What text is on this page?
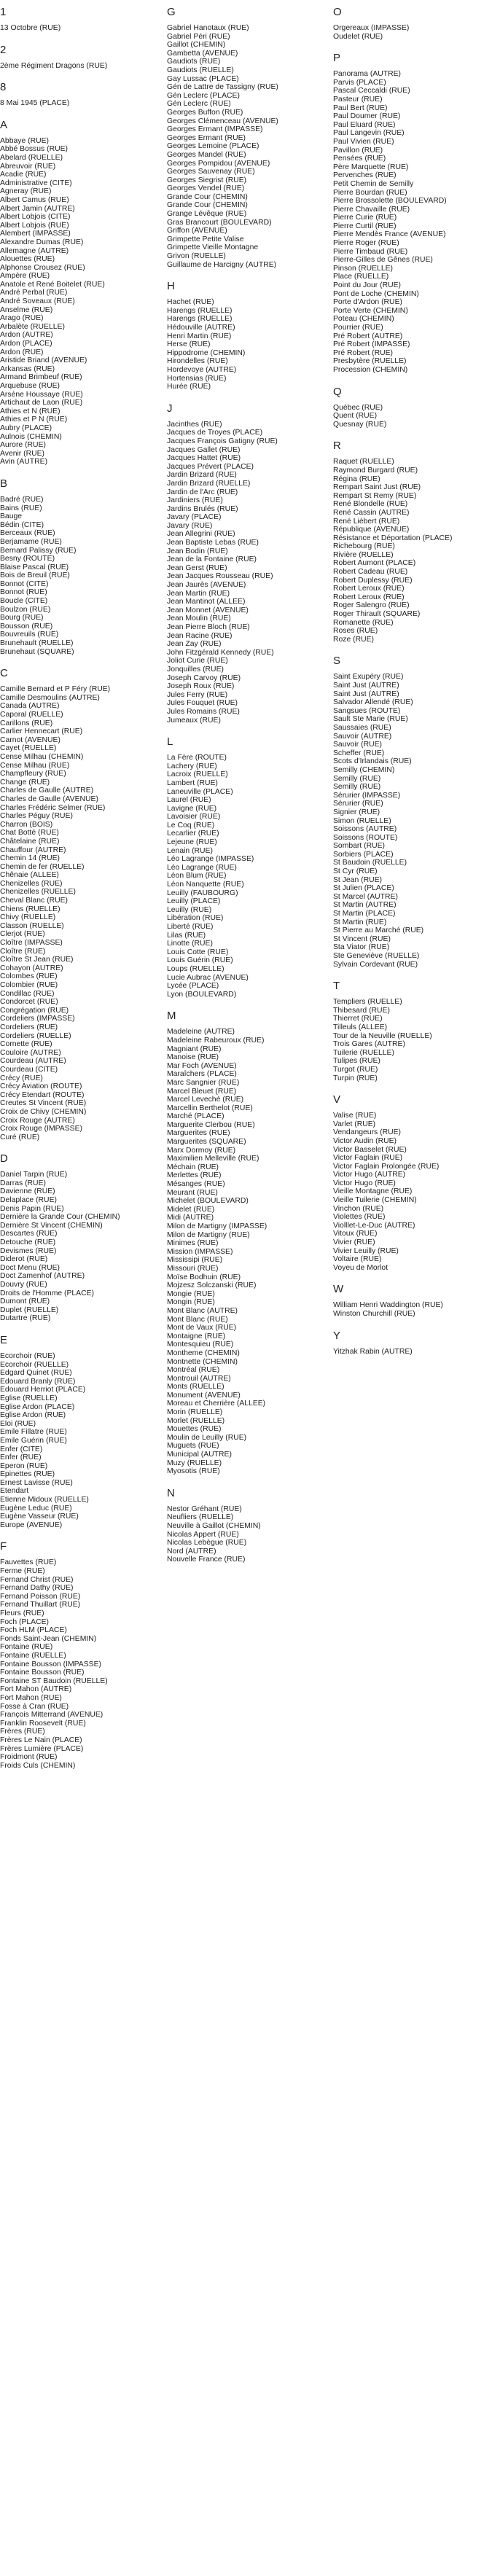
1
13 Octobre (RUE)
2
2ème Régiment Dragons (RUE)
8
8 Mai 1945 (PLACE)
A
Abbaye (RUE)
Abbé Bossus (RUE)
Abelard (RUELLE)
Abreuvoir (RUE)
Acadie (RUE)
Administrative (CITE)
Agneray (RUE)
Albert Camus (RUE)
Albert Jamin (AUTRE)
Albert Lobjois (CITE)
Albert Lobjois (RUE)
Alembert (IMPASSE)
Alexandre Dumas (RUE)
Allemagne (AUTRE)
Alouettes (RUE)
Alphonse Crousez (RUE)
Ampère (RUE)
Anatole et René Boitelet (RUE)
André Perbal (RUE)
André Soveaux (RUE)
Anselme (RUE)
Arago (RUE)
Arbalète (RUELLE)
Ardon (AUTRE)
Ardon (PLACE)
Ardon (RUE)
Aristide Briand (AVENUE)
Arkansas (RUE)
Armand Brimbeuf (RUE)
Arquebuse (RUE)
Arsène Houssaye (RUE)
Artichaut de Laon (RUE)
Athies et N (RUE)
Athies et P N (RUE)
Aubry (PLACE)
Aulnois (CHEMIN)
Aurore (RUE)
Avenir (RUE)
Avin (AUTRE)
B
Badré (RUE)
Bains (RUE)
Bauge
Bédin (CITE)
Berceaux (RUE)
Berjamame (RUE)
Bernard Palissy (RUE)
Besny (ROUTE)
Blaise Pascal (RUE)
Bois de Breuil (RUE)
Bonnot (CITE)
Bonnot (RUE)
Boucle (CITE)
Boulzon (RUE)
Bourg (RUE)
Bousson (RUE)
Bouvreuils (RUE)
Brunehault (RUELLE)
Brunehaut (SQUARE)
C
Camille Bernard et P Féry (RUE)
Camille Desmoulins (AUTRE)
Canada (AUTRE)
Caporal (RUELLE)
Carillons (RUE)
Carlier Hennecart (RUE)
Carnot (AVENUE)
Cayet (RUELLE)
Cense Milhau (CHEMIN)
Cense Milhau (RUE)
Champfleury (RUE)
Change (RUE)
Charles de Gaulle (AUTRE)
Charles de Gaulle (AVENUE)
Charles Frédéric Selmer (RUE)
Charles Péguy (RUE)
Charron (BOIS)
Chat Botté (RUE)
Châtelaine (RUE)
Chauffour (AUTRE)
Chemin 14 (RUE)
Chemin de fer (RUELLE)
Chênaie (ALLEE)
Chenizelles (RUE)
Chenizelles (RUELLE)
Cheval Blanc (RUE)
Chiens (RUELLE)
Chivy (RUELLE)
Classon (RUELLE)
Clerjot (RUE)
Cloître (IMPASSE)
Cloître (RUE)
Cloître St Jean (RUE)
Cohayon (AUTRE)
Colombes (RUE)
Colombier (RUE)
Condillac (RUE)
Condorcet (RUE)
Congrégation (RUE)
Cordeliers (IMPASSE)
Cordeliers (RUE)
Cordeliers (RUELLE)
Cornette (RUE)
Couloire (AUTRE)
Courdeau (AUTRE)
Courdeau (CITE)
Crécy (RUE)
Crécy Aviation (ROUTE)
Crécy Etendart (ROUTE)
Creutes St Vincent (RUE)
Croix de Chivy (CHEMIN)
Croix Rouge (AUTRE)
Croix Rouge (IMPASSE)
Curé (RUE)
D
Daniel Tarpin (RUE)
Darras (RUE)
Davienne (RUE)
Delaplace (RUE)
Denis Papin (RUE)
Dernière la Grande Cour (CHEMIN)
Dernière St Vincent (CHEMIN)
Descartes (RUE)
Detouche (RUE)
Devismes (RUE)
Diderot (RUE)
Doct Menu (RUE)
Doct Zamenhof (AUTRE)
Douvry (RUE)
Droits de l'Homme (PLACE)
Dumont (RUE)
Duplet (RUELLE)
Dutartre (RUE)
E
Ecorchoir (RUE)
Ecorchoir (RUELLE)
Edgard Quinet (RUE)
Edouard Branly (RUE)
Edouard Herriot (PLACE)
Eglise (RUELLE)
Eglise Ardon (PLACE)
Eglise Ardon (RUE)
Eloi (RUE)
Emile Fillatre (RUE)
Emile Guérin (RUE)
Enfer (CITE)
Enfer (RUE)
Eperon (RUE)
Epinettes (RUE)
Ernest Lavisse (RUE)
Etendart
Etienne Midoux (RUELLE)
Eugène Leduc (RUE)
Eugène Vasseur (RUE)
Europe (AVENUE)
F
Fauvettes (RUE)
Ferme (RUE)
Fernand Christ (RUE)
Fernand Dathy (RUE)
Fernand Poisson (RUE)
Fernand Thuillart (RUE)
Fleurs (RUE)
Foch (PLACE)
Foch HLM (PLACE)
Fonds Saint-Jean (CHEMIN)
Fontaine (RUE)
Fontaine (RUELLE)
Fontaine Bousson (IMPASSE)
Fontaine Bousson (RUE)
Fontaine ST Baudoin (RUELLE)
Fort Mahon (AUTRE)
Fort Mahon (RUE)
Fosse à Cran (RUE)
François Mitterrand (AVENUE)
Franklin Roosevelt (RUE)
Frères (RUE)
Frères Le Nain (PLACE)
Frères Lumière (PLACE)
Froidmont (RUE)
Froids Culs (CHEMIN)
G
Gabriel Hanotaux (RUE)
Gabriel Péri (RUE)
Gaillot (CHEMIN)
Gambetta (AVENUE)
Gaudiots (RUE)
Gaudiots (RUELLE)
Gay Lussac (PLACE)
Gén de Lattre de Tassigny (RUE)
Gén Leclerc (PLACE)
Gén Leclerc (RUE)
Georges Buffon (RUE)
Georges Clémenceau (AVENUE)
Georges Ermant (IMPASSE)
Georges Ermant (RUE)
Georges Lemoine (PLACE)
Georges Mandel (RUE)
Georges Pompidou (AVENUE)
Georges Sauvenay (RUE)
Georges Siegrist (RUE)
Georges Vendel (RUE)
Grande Cour (CHEMIN)
Grande Cour (CHEMIN)
Grange Lévêque (RUE)
Gras Brancourt (BOULEVARD)
Griffon (AVENUE)
Grimpette Petite Valise
Grimpette Vieille Montagne
Grivon (RUELLE)
Guillaume de Harcigny (AUTRE)
H
Hachet (RUE)
Harengs (RUELLE)
Harengs (RUELLE)
Hédouville (AUTRE)
Henri Martin (RUE)
Herse (RUE)
Hippodrome (CHEMIN)
Hirondelles (RUE)
Hordevoye (AUTRE)
Hortensias (RUE)
Hurée (RUE)
J
Jacinthes (RUE)
Jacques de Troyes (PLACE)
Jacques François Gatigny (RUE)
Jacques Gallet (RUE)
Jacques Hattet (RUE)
Jacques Prévert (PLACE)
Jardin Brizard (RUE)
Jardin Brizard (RUELLE)
Jardin de l'Arc (RUE)
Jardiniers (RUE)
Jardins Brulés (RUE)
Javary (PLACE)
Javary (RUE)
Jean Allegrini (RUE)
Jean Baptiste Lebas (RUE)
Jean Bodin (RUE)
Jean de la Fontaine (RUE)
Jean Gerst (RUE)
Jean Jacques Rousseau (RUE)
Jean Jaurès (AVENUE)
Jean Martin (RUE)
Jean Mantinot (ALLEE)
Jean Monnet (AVENUE)
Jean Moulin (RUE)
Jean Pierre Bloch (RUE)
Jean Racine (RUE)
Jean Zay (RUE)
John Fitzgérald Kennedy (RUE)
Joliot Curie (RUE)
Jonquilles (RUE)
Joseph Carvoy (RUE)
Joseph Roux (RUE)
Jules Ferry (RUE)
Jules Fouquet (RUE)
Jules Romains (RUE)
Jumeaux (RUE)
L
La Fère (ROUTE)
Lachery (RUE)
Lacroix (RUELLE)
Lambert (RUE)
Laneuville (PLACE)
Laurel (RUE)
Lavigne (RUE)
Lavoisier (RUE)
Le Coq (RUE)
Lecarlier (RUE)
Lejeune (RUE)
Lenain (RUE)
Léo Lagrange (IMPASSE)
Léo Lagrange (RUE)
Léon Blum (RUE)
Léon Nanquette (RUE)
Leuilly (FAUBOURG)
Leuilly (PLACE)
Leuilly (RUE)
Libération (RUE)
Liberté (RUE)
Lilas (RUE)
Linotte (RUE)
Louis Cotte (RUE)
Louis Guérin (RUE)
Loups (RUELLE)
Lucie Aubrac (AVENUE)
Lycée (PLACE)
Lyon (BOULEVARD)
M
Madeleine (AUTRE)
Madeleine Rabeuroux (RUE)
Magniant (RUE)
Manoise (RUE)
Mar Foch (AVENUE)
Maraîchers (PLACE)
Marc Sangnier (RUE)
Marcel Bleuet (RUE)
Marcel Leveché (RUE)
Marcellin Berthelot (RUE)
Marché (PLACE)
Marguerite Clerbou (RUE)
Marguerites (RUE)
Marguerites (SQUARE)
Marx Dormoy (RUE)
Maximilien Melleville (RUE)
Méchain (RUE)
Merlettes (RUE)
Mésanges (RUE)
Meurant (RUE)
Michelet (BOULEVARD)
Midelet (RUE)
Midi (AUTRE)
Milon de Martigny (IMPASSE)
Milon de Martigny (RUE)
Minimes (RUE)
Mission (IMPASSE)
Mississipi (RUE)
Missouri (RUE)
Moïse Bodhuin (RUE)
Mojzesz Solczanski (RUE)
Mongie (RUE)
Mongin (RUE)
Mont Blanc (AUTRE)
Mont Blanc (RUE)
Mont de Vaux (RUE)
Montaigne (RUE)
Montesquieu (RUE)
Montheme (CHEMIN)
Montnette (CHEMIN)
Montréal (RUE)
Montrouil (AUTRE)
Monts (RUELLE)
Monument (AVENUE)
Moreau et Cherrière (ALLEE)
Morin (RUELLE)
Morlet (RUELLE)
Mouettes (RUE)
Moulin de Leuilly (RUE)
Muguets (RUE)
Municipal (AUTRE)
Muzy (RUELLE)
Myosotis (RUE)
N
Nestor Gréhant (RUE)
Neufliers (RUELLE)
Neuville à Gaillot (CHEMIN)
Nicolas Appert (RUE)
Nicolas Lebègue (RUE)
Nord (AUTRE)
Nouvelle France (RUE)
O
Orgereaux (IMPASSE)
Oudelet (RUE)
P
Panorama (AUTRE)
Parvis (PLACE)
Pascal Ceccaldi (RUE)
Pasteur (RUE)
Paul Bert (RUE)
Paul Doumer (RUE)
Paul Eluard (RUE)
Paul Langevin (RUE)
Paul Vivien (RUE)
Pavillon (RUE)
Pensées (RUE)
Père Marquette (RUE)
Pervenches (RUE)
Petit Chemin de Semilly
Pierre Bourdan (RUE)
Pierre Brossolette (BOULEVARD)
Pierre Chavaille (RUE)
Pierre Curie (RUE)
Pierre Curtil (RUE)
Pierre Mendès France (AVENUE)
Pierre Roger (RUE)
Pierre Timbaud (RUE)
Pierre-Gilles de Gênes (RUE)
Pinson (RUELLE)
Place (RUELLE)
Point du Jour (RUE)
Pont de Loche (CHEMIN)
Porte d'Ardon (RUE)
Porte Verte (CHEMIN)
Poteau (CHEMIN)
Pourrier (RUE)
Pré Robert (AUTRE)
Pré Robert (IMPASSE)
Pré Robert (RUE)
Presbytère (RUELLE)
Procession (CHEMIN)
Q
Québec (RUE)
Quent (RUE)
Quesnay (RUE)
R
Raquet (RUELLE)
Raymond Burgard (RUE)
Régina (RUE)
Rempart Saint Just (RUE)
Rempart St Remy (RUE)
René Blondelle (RUE)
René Cassin (AUTRE)
René Liébert (RUE)
République (AVENUE)
Résistance et Déportation (PLACE)
Richebourg (RUE)
Rivière (RUELLE)
Robert Aumont (PLACE)
Robert Cadeau (RUE)
Robert Duplessy (RUE)
Robert Leroux (RUE)
Robert Leroux (RUE)
Roger Salengro (RUE)
Roger Thirault (SQUARE)
Romanette (RUE)
Roses (RUE)
Roze (RUE)
S
Saint Exupéry (RUE)
Saint Just (AUTRE)
Saint Just (AUTRE)
Salvador Allendé (RUE)
Sangsues (ROUTE)
Sault Ste Marie (RUE)
Saussaies (RUE)
Sauvoir (AUTRE)
Sauvoir (RUE)
Scheffer (RUE)
Scots d'Irlandais (RUE)
Semilly (CHEMIN)
Semilly (RUE)
Semilly (RUE)
Sérurier (IMPASSE)
Sérurier (RUE)
Signier (RUE)
Simon (RUELLE)
Soissons (AUTRE)
Soissons (ROUTE)
Sombart (RUE)
Sorbiers (PLACE)
St Baudoin (RUELLE)
St Cyr (RUE)
St Jean (RUE)
St Julien (PLACE)
St Marcel (AUTRE)
St Martin (AUTRE)
St Martin (PLACE)
St Martin (RUE)
St Pierre au Marché (RUE)
St Vincent (RUE)
Sta Viator (RUE)
Ste Geneviève (RUELLE)
Sylvain Cordevant (RUE)
T
Templiers (RUELLE)
Thibesard (RUE)
Thierret (RUE)
Tilleuls (ALLEE)
Tour de la Neuville (RUELLE)
Trois Gares (AUTRE)
Tuilerie (RUELLE)
Tulipes (RUE)
Turgot (RUE)
Turpin (RUE)
V
Valise (RUE)
Varlet (RUE)
Vendangeurs (RUE)
Victor Audin (RUE)
Victor Basselet (RUE)
Victor Faglain (RUE)
Victor Faglain Prolongée (RUE)
Victor Hugo (AUTRE)
Victor Hugo (RUE)
Vieille Montagne (RUE)
Vieille Tuilerie (CHEMIN)
Vinchon (RUE)
Violettes (RUE)
Violllet-Le-Duc (AUTRE)
Vitoux (RUE)
Vivier (RUE)
Vivier Leuilly (RUE)
Voltaire (RUE)
Voyeu de Morlot
W
William Henri Waddington (RUE)
Winston Churchill (RUE)
Y
Yitzhak Rabin (AUTRE)
